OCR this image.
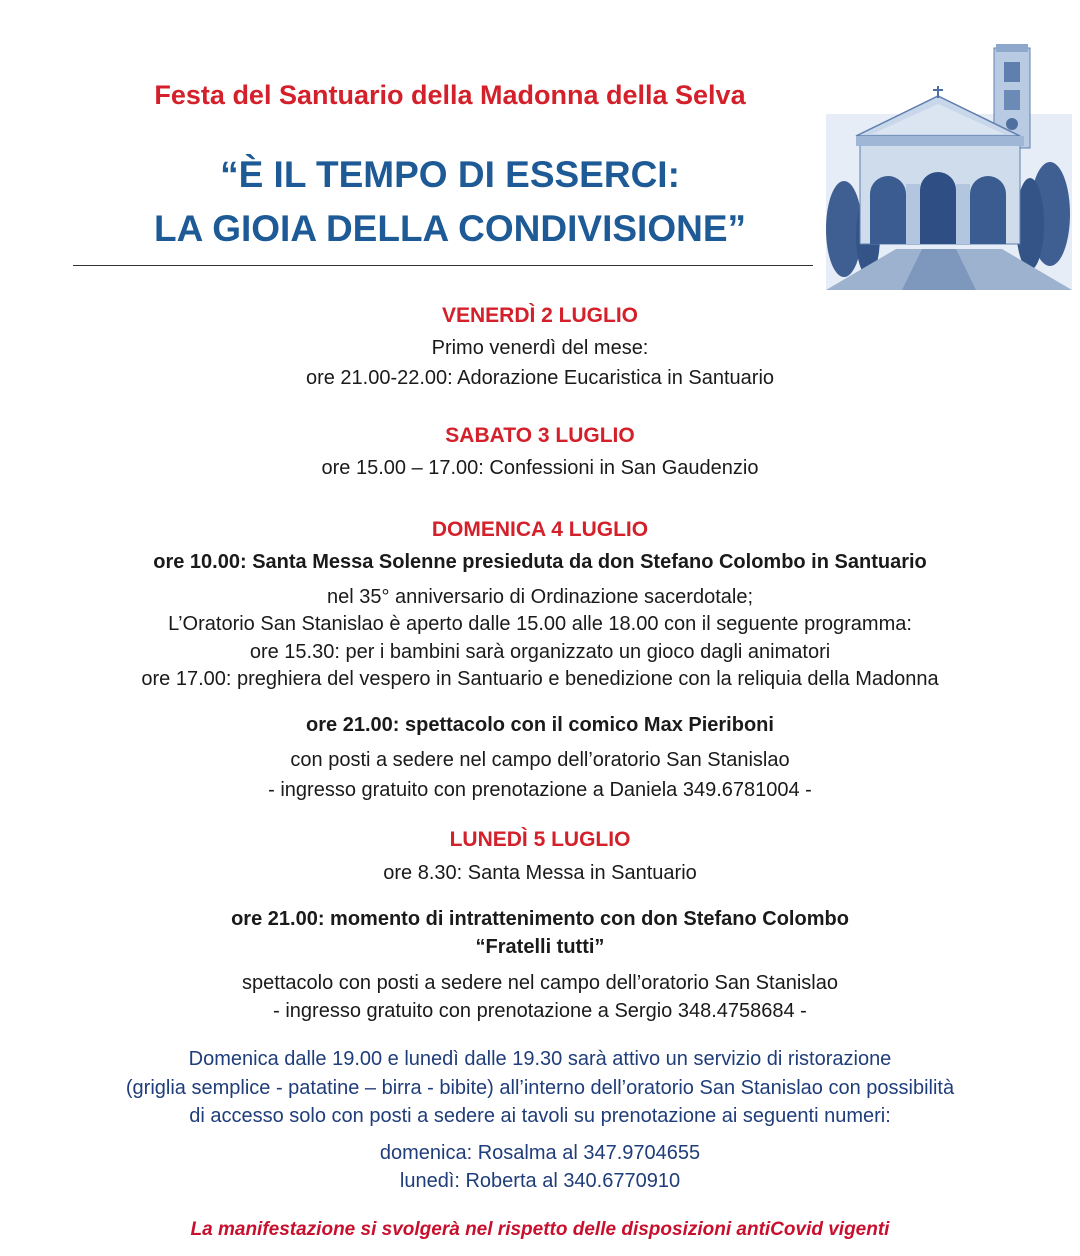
Festa del Santuario della Madonna della Selva
“È IL TEMPO DI ESSERCI:
LA GIOIA DELLA CONDIVISIONE”
VENERDÌ 2 LUGLIO
Primo venerdì del mese:
ore 21.00-22.00: Adorazione Eucaristica in Santuario
SABATO 3 LUGLIO
ore 15.00 – 17.00: Confessioni in San Gaudenzio
DOMENICA 4 LUGLIO
ore 10.00: Santa Messa Solenne presieduta da don Stefano Colombo in Santuario
nel 35° anniversario di Ordinazione sacerdotale;
L’Oratorio San Stanislao è aperto dalle 15.00 alle 18.00 con il seguente programma:
ore 15.30: per i bambini sarà organizzato un gioco dagli animatori
ore 17.00: preghiera del vespero in Santuario e benedizione con la reliquia della Madonna
ore 21.00: spettacolo con il comico Max Pieriboni
con posti a sedere nel campo dell’oratorio San Stanislao
- ingresso gratuito con prenotazione a Daniela 349.6781004 -
LUNEDÌ 5 LUGLIO
ore 8.30: Santa Messa in Santuario
ore 21.00: momento di intrattenimento con don Stefano Colombo
“Fratelli tutti”
spettacolo con posti a sedere nel campo dell’oratorio San Stanislao
- ingresso gratuito con prenotazione a Sergio 348.4758684 -
Domenica dalle 19.00 e lunedì dalle 19.30 sarà attivo un servizio di ristorazione
(griglia semplice - patatine – birra - bibite) all’interno dell’oratorio San Stanislao con possibilità
di accesso solo con posti a sedere ai tavoli su prenotazione ai seguenti numeri:
domenica: Rosalma al 347.9704655
lunedì: Roberta al 340.6770910
La manifestazione si svolgerà nel rispetto delle disposizioni antiCovid vigenti
